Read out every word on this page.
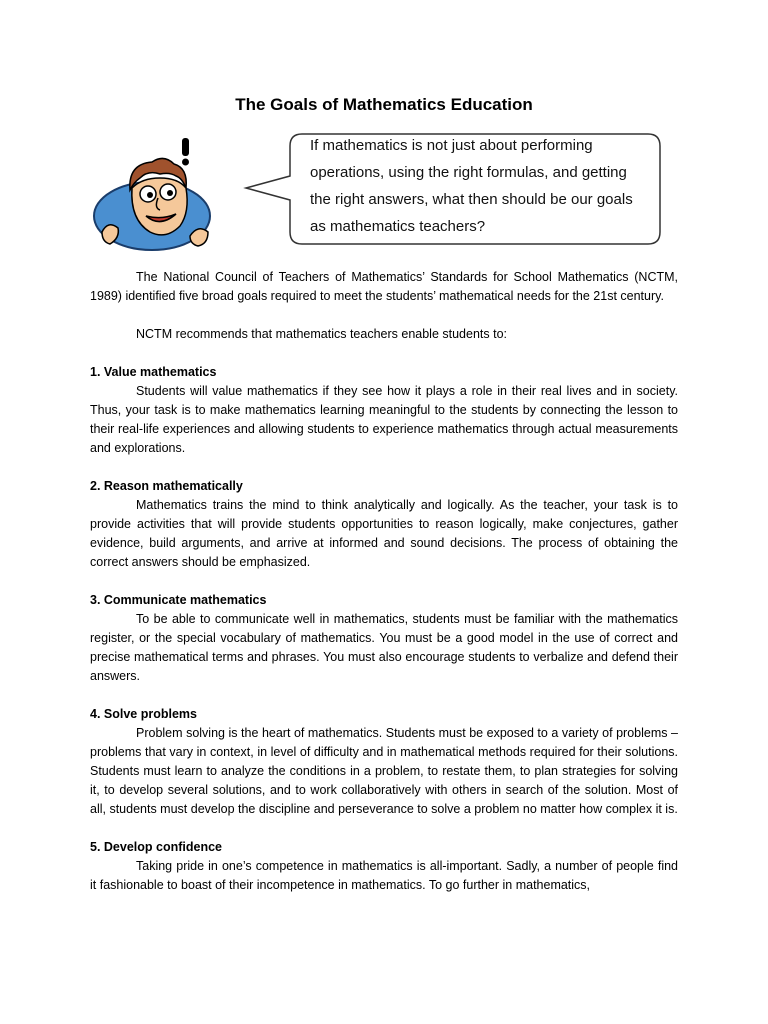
The Goals of Mathematics Education
If mathematics is not just about performing
operations, using the right formulas, and getting
the right answers, what then should be our goals
as mathematics teachers?

The National Council of Teachers of Mathematics’ Standards for School Mathematics (NCTM, 1989) identified five broad goals required to meet the students’ mathematical needs for the 21st century.

NCTM recommends that mathematics teachers enable students to:

1. Value mathematics

Students will value mathematics if they see how it plays a role in their real lives and in society. Thus, your task is to make mathematics learning meaningful to the students by connecting the lesson to their real-life experiences and allowing students to experience mathematics through actual measurements and explorations.

2. Reason mathematically

Mathematics trains the mind to think analytically and logically. As the teacher, your task is to provide activities that will provide students opportunities to reason logically, make conjectures, gather evidence, build arguments, and arrive at informed and sound decisions. The process of obtaining the correct answers should be emphasized.

3. Communicate mathematics

To be able to communicate well in mathematics, students must be familiar with the mathematics register, or the special vocabulary of mathematics. You must be a good model in the use of correct and precise mathematical terms and phrases. You must also encourage students to verbalize and defend their answers.

4. Solve problems

Problem solving is the heart of mathematics. Students must be exposed to a variety of problems – problems that vary in context, in level of difficulty and in mathematical methods required for their solutions. Students must learn to analyze the conditions in a problem, to restate them, to plan strategies for solving it, to develop several solutions, and to work collaboratively with others in search of the solution. Most of all, students must develop the discipline and perseverance to solve a problem no matter how complex it is.

5. Develop confidence

Taking pride in one’s competence in mathematics is all-important. Sadly, a number of people find it fashionable to boast of their incompetence in mathematics. To go further in mathematics,
